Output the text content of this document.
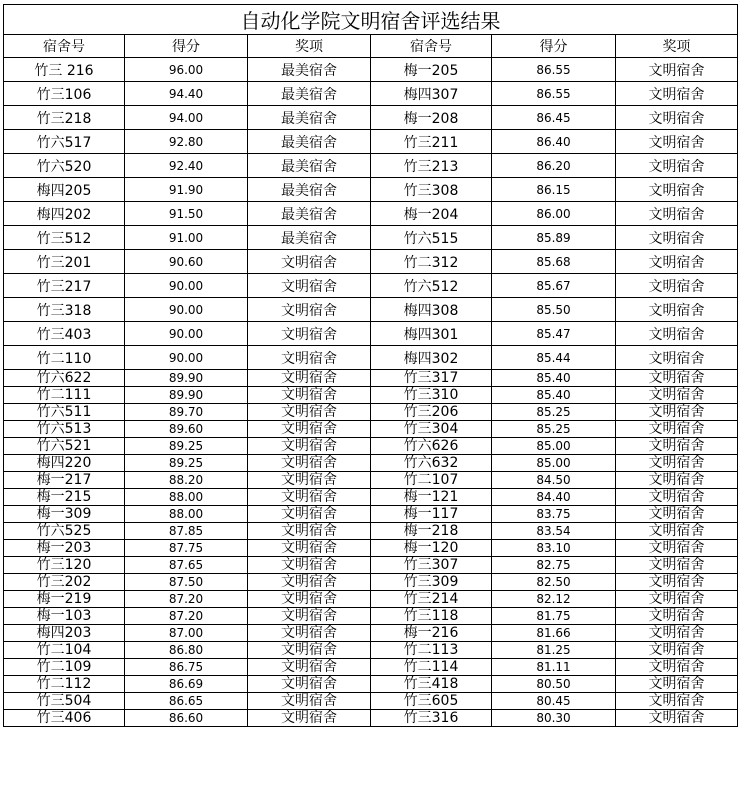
自动化学院文明宿舍评选结果					
宿舍号	得分	奖项	宿舍号	得分	奖项
竹三 216	96.00	最美宿舍	梅一205	86.55	文明宿舍
竹三106	94.40	最美宿舍	梅四307	86.55	文明宿舍
竹三218	94.00	最美宿舍	梅一208	86.45	文明宿舍
竹六517	92.80	最美宿舍	竹三211	86.40	文明宿舍
竹六520	92.40	最美宿舍	竹三213	86.20	文明宿舍
梅四205	91.90	最美宿舍	竹三308	86.15	文明宿舍
梅四202	91.50	最美宿舍	梅一204	86.00	文明宿舍
竹三512	91.00	最美宿舍	竹六515	85.89	文明宿舍
竹三201	90.60	文明宿舍	竹二312	85.68	文明宿舍
竹三217	90.00	文明宿舍	竹六512	85.67	文明宿舍
竹三318	90.00	文明宿舍	梅四308	85.50	文明宿舍
竹三403	90.00	文明宿舍	梅四301	85.47	文明宿舍
竹二110	90.00	文明宿舍	梅四302	85.44	文明宿舍
竹六622	89.90	文明宿舍	竹三317	85.40	文明宿舍
竹二111	89.90	文明宿舍	竹三310	85.40	文明宿舍
竹六511	89.70	文明宿舍	竹三206	85.25	文明宿舍
竹六513	89.60	文明宿舍	竹三304	85.25	文明宿舍
竹六521	89.25	文明宿舍	竹六626	85.00	文明宿舍
梅四220	89.25	文明宿舍	竹六632	85.00	文明宿舍
梅一217	88.20	文明宿舍	竹二107	84.50	文明宿舍
梅一215	88.00	文明宿舍	梅一121	84.40	文明宿舍
梅一309	88.00	文明宿舍	梅一117	83.75	文明宿舍
竹六525	87.85	文明宿舍	梅一218	83.54	文明宿舍
梅一203	87.75	文明宿舍	梅一120	83.10	文明宿舍
竹三120	87.65	文明宿舍	竹三307	82.75	文明宿舍
竹三202	87.50	文明宿舍	竹三309	82.50	文明宿舍
梅一219	87.20	文明宿舍	竹三214	82.12	文明宿舍
梅一103	87.20	文明宿舍	竹三118	81.75	文明宿舍
梅四203	87.00	文明宿舍	梅一216	81.66	文明宿舍
竹二104	86.80	文明宿舍	竹二113	81.25	文明宿舍
竹二109	86.75	文明宿舍	竹二114	81.11	文明宿舍
竹二112	86.69	文明宿舍	竹三418	80.50	文明宿舍
竹三504	86.65	文明宿舍	竹三605	80.45	文明宿舍
竹三406	86.60	文明宿舍	竹三316	80.30	文明宿舍
